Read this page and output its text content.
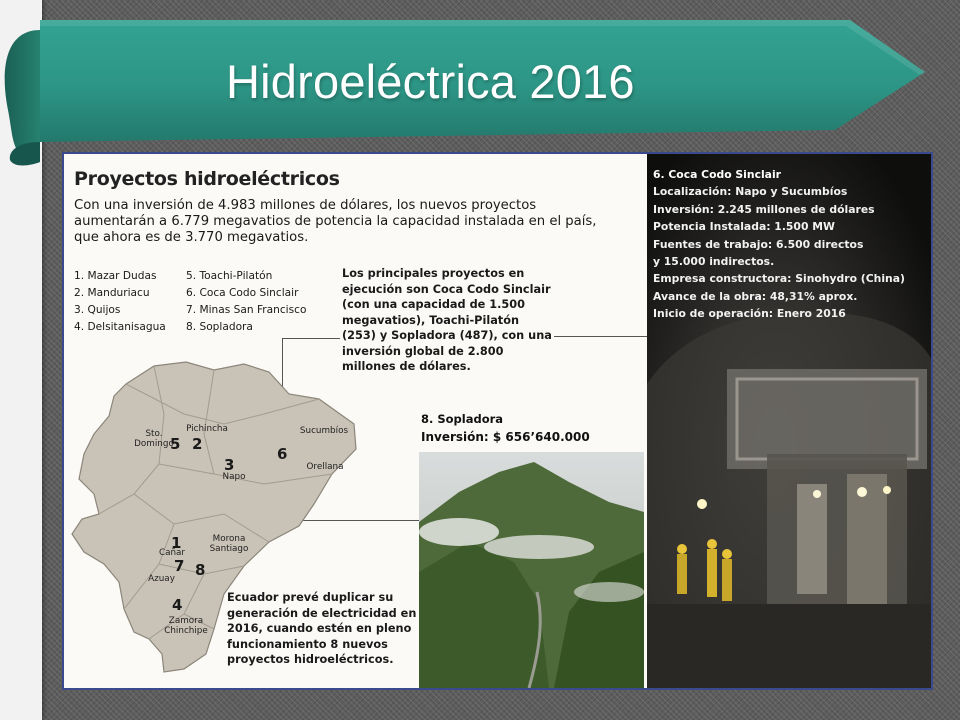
Hidroeléctrica 2016
Proyectos hidroeléctricos
Con una inversión de 4.983 millones de dólares, los nuevos proyectos aumentarán a 6.779 megavatios de potencia la capacidad instalada en el país, que ahora es de 3.770 megavatios.
1. Mazar Dudas
2. Manduriacu
3. Quijos
4. Delsitanisagua
5. Toachi-Pilatón
6. Coca Codo Sinclair
7. Minas San Francisco
8. Sopladora
Los principales proyectos en ejecución son Coca Codo Sinclair (con una capacidad de 1.500 megavatios), Toachi-Pilatón (253) y Sopladora (487), con una inversión global de 2.800 millones de dólares.
Sto. Domingo
Pichincha	Sucumbíos
Napo
Orellana
Cañar
Azuay
Morona Santiago
Zamora Chinchipe
5 2
3
6
1
7 8
4	Ecuador prevé duplicar su generación de electricidad en 2016, cuando estén en pleno funcionamiento 8 nuevos proyectos hidroeléctricos.
8. Sopladora
Inversión: $ 656’640.000
6. Coca Codo Sinclair
Localización: Napo y Sucumbíos
Inversión: 2.245 millones de dólares
Potencia Instalada: 1.500 MW
Fuentes de trabajo: 6.500 directos
y 15.000 indirectos.
Empresa constructora: Sinohydro (China)
Avance de la obra: 48,31% aprox.
Inicio de operación: Enero 2016
